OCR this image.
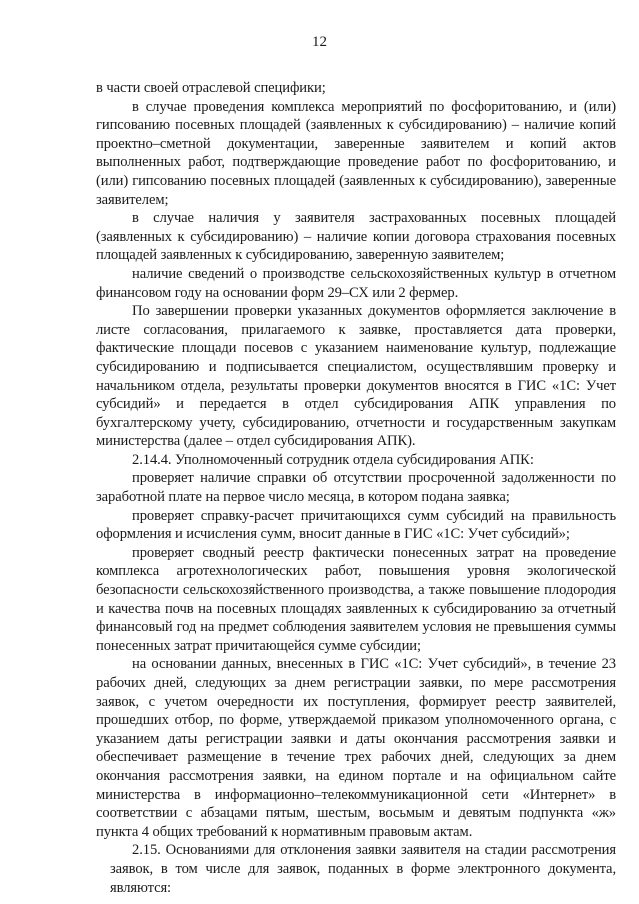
12

в части своей отраслевой специфики;

в случае проведения комплекса мероприятий по фосфоритованию, и (или) гипсованию посевных площадей (заявленных к субсидированию) – наличие копий проектно–сметной документации, заверенные заявителем и копий актов выполненных работ, подтверждающие проведение работ по фосфоритованию, и (или) гипсованию посевных площадей (заявленных к субсидированию), заверенные заявителем;

в случае наличия у заявителя застрахованных посевных площадей (заявленных к субсидированию) – наличие копии договора страхования посевных площадей заявленных к субсидированию, заверенную заявителем;

наличие сведений о производстве сельскохозяйственных культур в отчетном финансовом году на основании форм 29–СХ или 2 фермер.

По завершении проверки указанных документов оформляется заключение в листе согласования, прилагаемого к заявке, проставляется дата проверки, фактические площади посевов с указанием наименование культур, подлежащие субсидированию и подписывается специалистом, осуществлявшим проверку и начальником отдела, результаты проверки документов вносятся в ГИС «1С: Учет субсидий» и передается в отдел субсидирования АПК управления по бухгалтерскому учету, субсидированию, отчетности и государственным закупкам министерства (далее – отдел субсидирования АПК).

2.14.4. Уполномоченный сотрудник отдела субсидирования АПК:

проверяет наличие справки об отсутствии просроченной задолженности по заработной плате на первое число месяца, в котором подана заявка;

проверяет справку-расчет причитающихся сумм субсидий на правильность оформления и исчисления сумм, вносит данные в ГИС «1С: Учет субсидий»;

проверяет сводный реестр фактически понесенных затрат на проведение комплекса агротехнологических работ, повышения уровня экологической безопасности сельскохозяйственного производства, а также повышение плодородия и качества почв на посевных площадях заявленных к субсидированию за отчетный финансовый год на предмет соблюдения заявителем условия не превышения суммы понесенных затрат причитающейся сумме субсидии;

на основании данных, внесенных в ГИС «1С: Учет субсидий», в течение 23 рабочих дней, следующих за днем регистрации заявки, по мере рассмотрения заявок, с учетом очередности их поступления, формирует реестр заявителей, прошедших отбор, по форме, утверждаемой приказом уполномоченного органа, с указанием даты регистрации заявки и даты окончания рассмотрения заявки и обеспечивает размещение в течение трех рабочих дней, следующих за днем окончания рассмотрения заявки, на едином портале и на официальном сайте министерства в информационно–телекоммуникационной сети «Интернет» в соответствии с абзацами пятым, шестым, восьмым и девятым подпункта «ж» пункта 4 общих требований к нормативным правовым актам.

2.15. Основаниями для отклонения заявки заявителя на стадии рассмотрения заявок, в том числе для заявок, поданных в форме электронного документа, являются:
